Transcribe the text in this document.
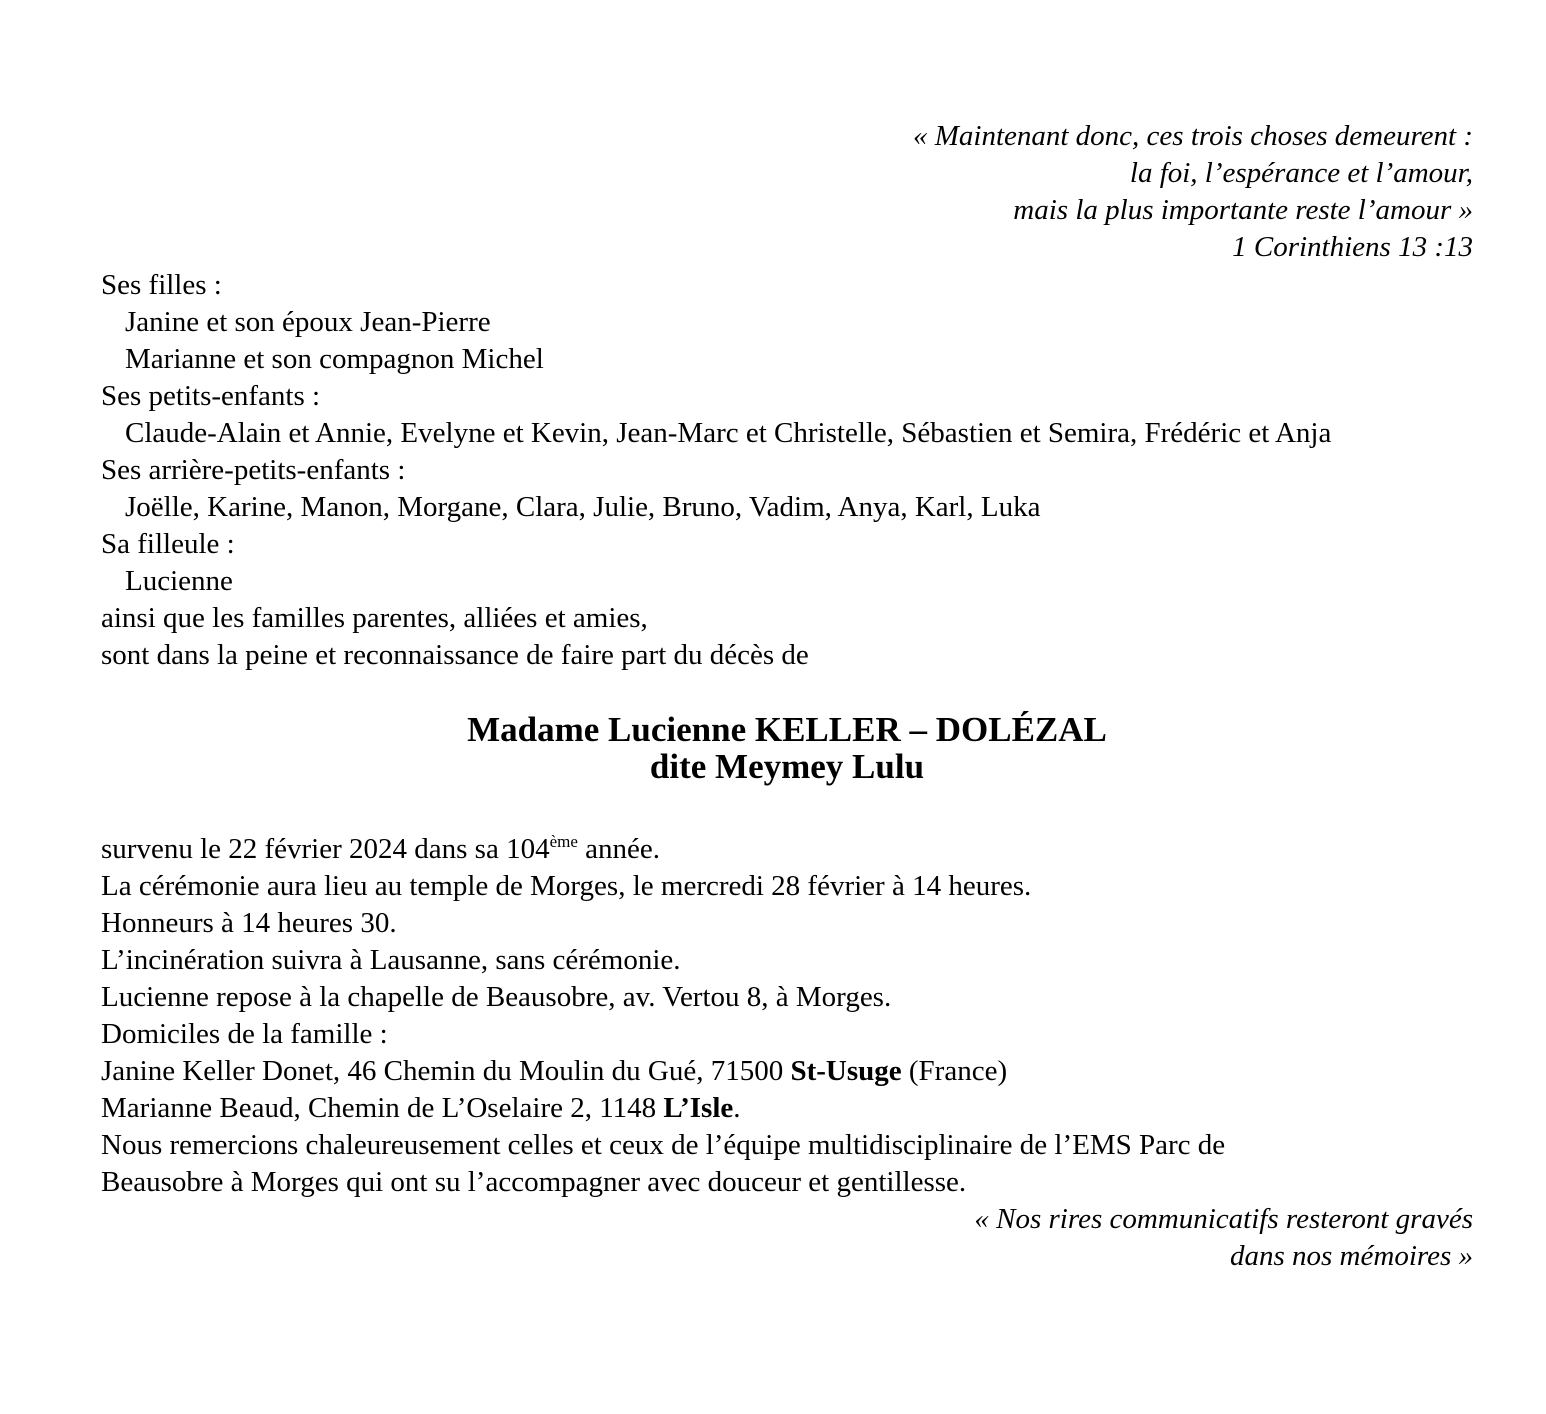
« Maintenant donc, ces trois choses demeurent :
la foi, l’espérance et l’amour,
mais la plus importante reste l’amour »
1 Corinthiens 13 :13
Ses filles :
Janine et son époux Jean-Pierre
Marianne et son compagnon Michel
Ses petits-enfants :
Claude-Alain et Annie, Evelyne et Kevin, Jean-Marc et Christelle, Sébastien et Semira, Frédéric et Anja
Ses arrière-petits-enfants :
Joëlle, Karine, Manon, Morgane, Clara, Julie, Bruno, Vadim, Anya, Karl, Luka
Sa filleule :
Lucienne
ainsi que les familles parentes, alliées et amies,
sont dans la peine et reconnaissance de faire part du décès de
Madame Lucienne KELLER – DOLÉZAL
dite Meymey Lulu
survenu le 22 février 2024 dans sa 104ème année.
La cérémonie aura lieu au temple de Morges, le mercredi 28 février à 14 heures.
Honneurs à 14 heures 30.
L’incinération suivra à Lausanne, sans cérémonie.
Lucienne repose à la chapelle de Beausobre, av. Vertou 8, à Morges.
Domiciles de la famille :
Janine Keller Donet, 46 Chemin du Moulin du Gué, 71500 St-Usuge (France)
Marianne Beaud, Chemin de L’Oselaire 2, 1148 L’Isle.
Nous remercions chaleureusement celles et ceux de l’équipe multidisciplinaire de l’EMS Parc de
Beausobre à Morges qui ont su l’accompagner avec douceur et gentillesse.
« Nos rires communicatifs resteront gravés
dans nos mémoires »
